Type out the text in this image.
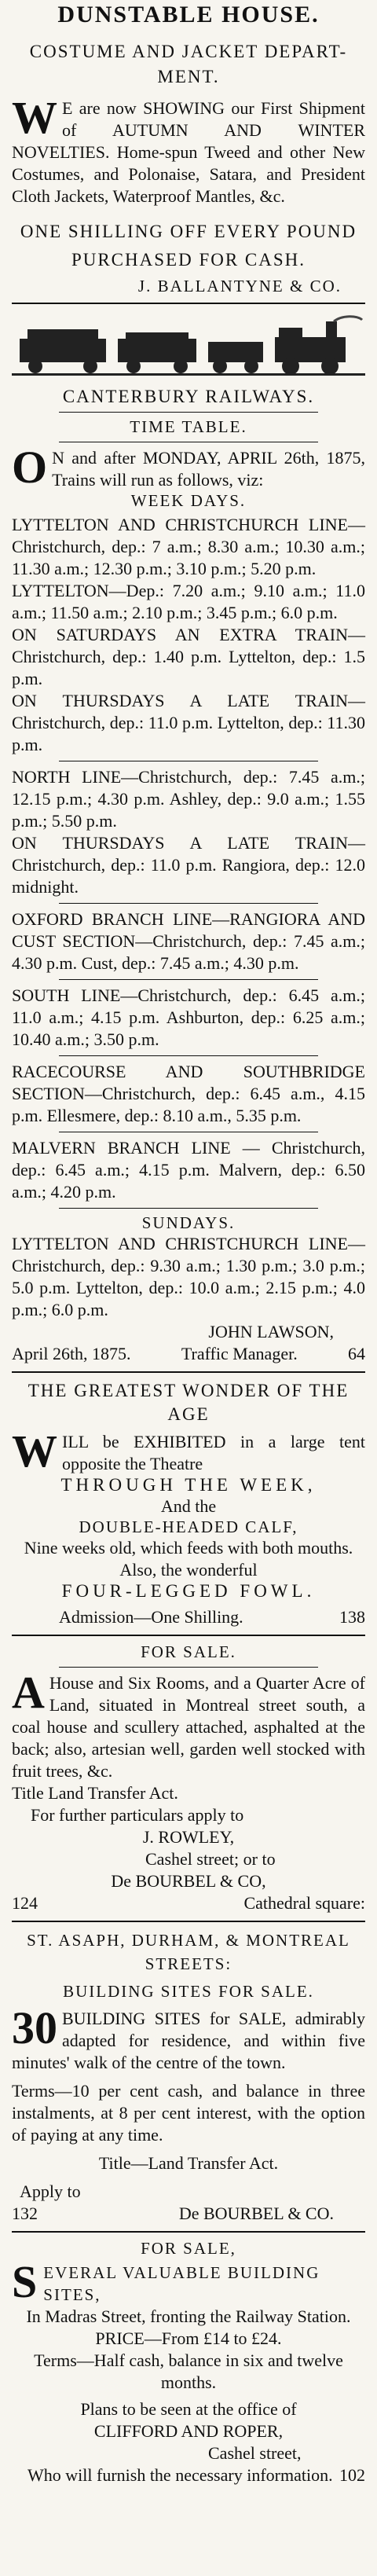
DUNSTABLE HOUSE.
COSTUME AND JACKET DEPART-MENT.
W E are now SHOWING our First Shipment of AUTUMN AND WINTER NOVELTIES. Home-spun Tweed and other New Costumes, and Polonaise, Satara, and President Cloth Jackets, Waterproof Mantles, &c.
ONE SHILLING OFF EVERY POUND
PURCHASED FOR CASH.
J. BALLANTYNE & CO.
CANTERBURY RAILWAYS.
TIME TABLE.
O N and after MONDAY, APRIL 26th, 1875, Trains will run as follows, viz:
WEEK DAYS.
LYTTELTON AND CHRISTCHURCH LINE—Christchurch, dep.: 7 a.m.; 8.30 a.m.; 10.30 a.m.; 11.30 a.m.; 12.30 p.m.; 3.10 p.m.; 5.20 p.m.
LYTTELTON—Dep.: 7.20 a.m.; 9.10 a.m.; 11.0 a.m.; 11.50 a.m.; 2.10 p.m.; 3.45 p.m.; 6.0 p.m.
ON SATURDAYS AN EXTRA TRAIN—Christchurch, dep.: 1.40 p.m. Lyttelton, dep.: 1.5 p.m.
ON THURSDAYS A LATE TRAIN—Christchurch, dep.: 11.0 p.m. Lyttelton, dep.: 11.30 p.m.
NORTH LINE—Christchurch, dep.: 7.45 a.m.; 12.15 p.m.; 4.30 p.m. Ashley, dep.: 9.0 a.m.; 1.55 p.m.; 5.50 p.m.
ON THURSDAYS A LATE TRAIN—Christchurch, dep.: 11.0 p.m. Rangiora, dep.: 12.0 midnight.
OXFORD BRANCH LINE—RANGIORA AND CUST SECTION—Christchurch, dep.: 7.45 a.m.; 4.30 p.m. Cust, dep.: 7.45 a.m.; 4.30 p.m.
SOUTH LINE—Christchurch, dep.: 6.45 a.m.; 11.0 a.m.; 4.15 p.m. Ashburton, dep.: 6.25 a.m.; 10.40 a.m.; 3.50 p.m.
RACECOURSE AND SOUTHBRIDGE SECTION—Christchurch, dep.: 6.45 a.m., 4.15 p.m. Ellesmere, dep.: 8.10 a.m., 5.35 p.m.
MALVERN BRANCH LINE — Christchurch, dep.: 6.45 a.m.; 4.15 p.m. Malvern, dep.: 6.50 a.m.; 4.20 p.m.
SUNDAYS.
LYTTELTON AND CHRISTCHURCH LINE—Christchurch, dep.: 9.30 a.m.; 1.30 p.m.; 3.0 p.m.; 5.0 p.m. Lyttelton, dep.: 10.0 a.m.; 2.15 p.m.; 4.0 p.m.; 6.0 p.m.
JOHN LAWSON,
April 26th, 1875.	Traffic Manager.	64
THE GREATEST WONDER OF THE AGE
W ILL be EXHIBITED in a large tent opposite the Theatre
THROUGH THE WEEK,
And the
DOUBLE-HEADED CALF,
Nine weeks old, which feeds with both mouths. Also, the wonderful
FOUR-LEGGED FOWL.
Admission—One Shilling.	138
FOR SALE.
A House and Six Rooms, and a Quarter Acre of Land, situated in Montreal street south, a coal house and scullery attached, asphalted at the back; also, artesian well, garden well stocked with fruit trees, &c.
Title Land Transfer Act.
For further particulars apply to
J. ROWLEY,
Cashel street; or to
De BOURBEL & CO,
124	Cathedral square:
ST. ASAPH, DURHAM, & MONTREAL STREETS:
BUILDING SITES FOR SALE.
30 BUILDING SITES for SALE, admirably adapted for residence, and within five minutes' walk of the centre of the town.
Terms—10 per cent cash, and balance in three instalments, at 8 per cent interest, with the option of paying at any time.
Title—Land Transfer Act.
Apply to
132	De BOURBEL & CO.
FOR SALE,
S EVERAL VALUABLE BUILDING SITES,
In Madras Street, fronting the Railway Station.
PRICE—From £14 to £24.
Terms—Half cash, balance in six and twelve months.
Plans to be seen at the office of
CLIFFORD AND ROPER,
Cashel street,
Who will furnish the necessary information. 102
